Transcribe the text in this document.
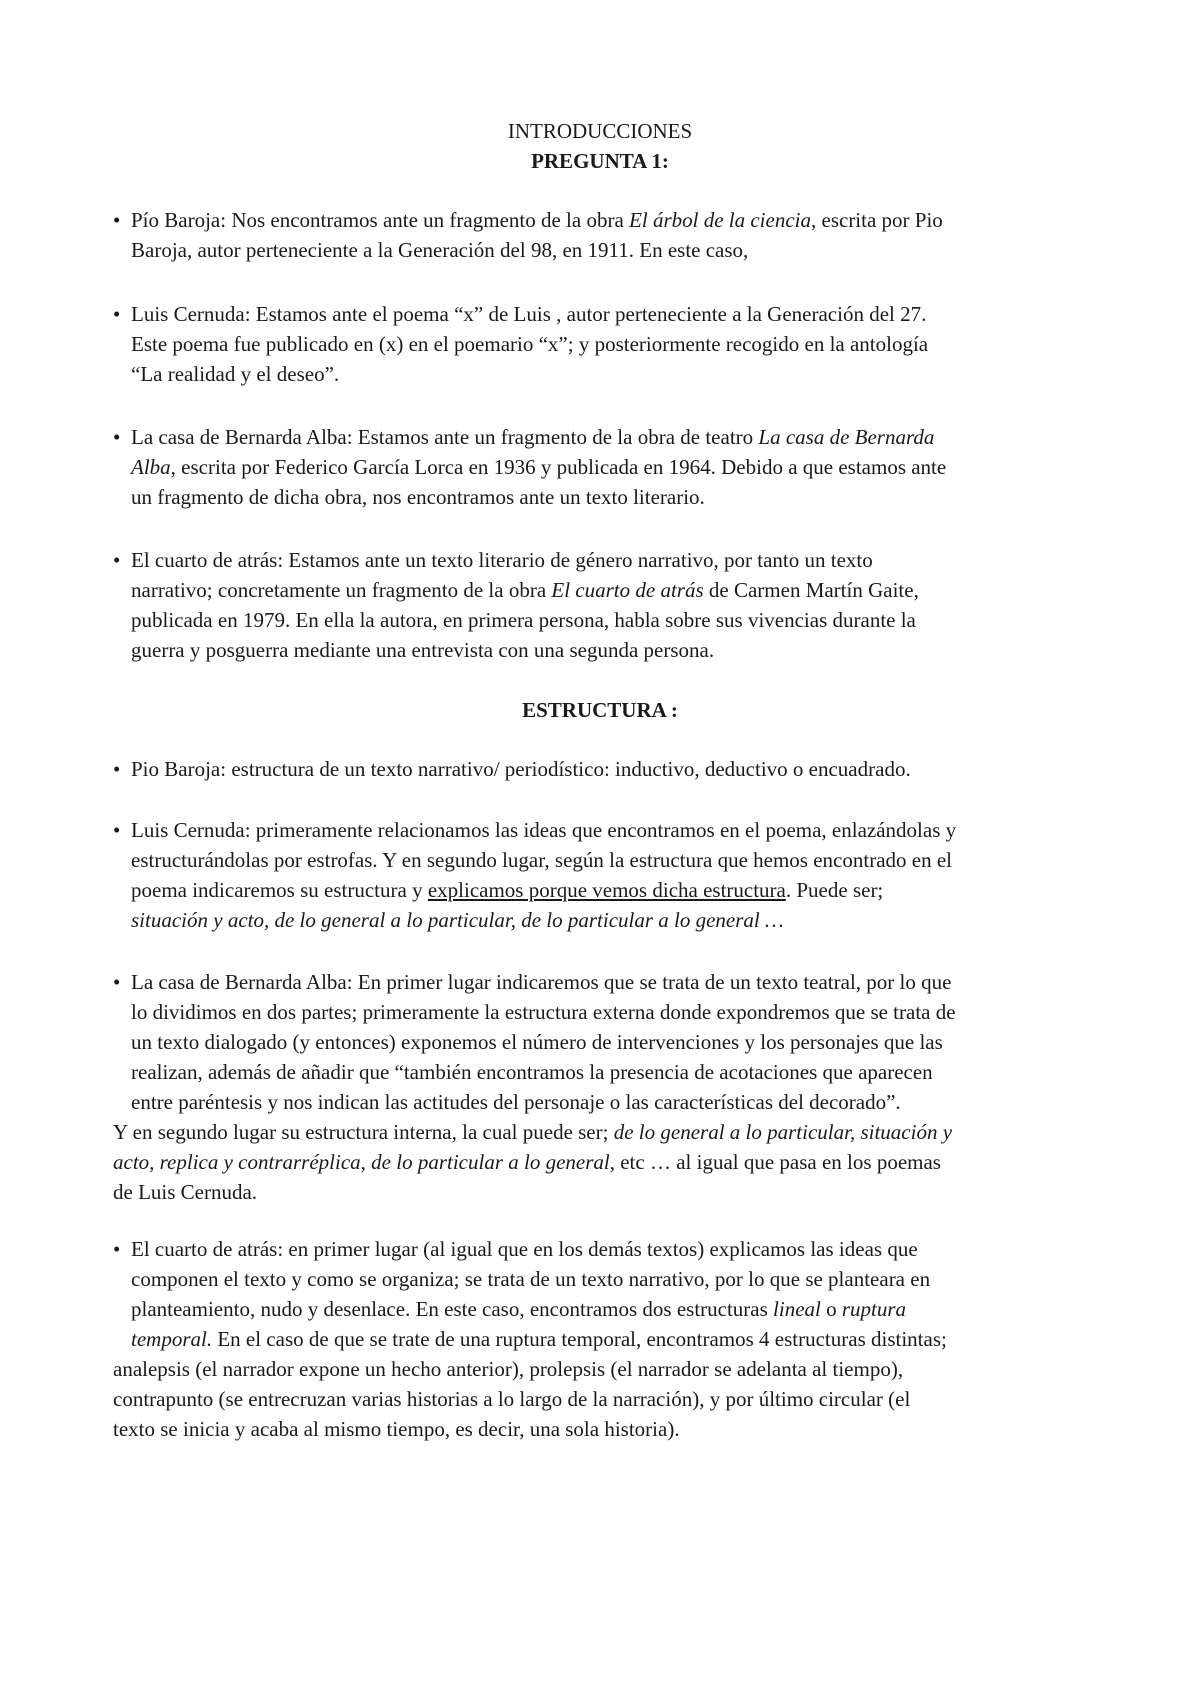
INTRODUCCIONES
PREGUNTA 1:
• Pío Baroja: Nos encontramos ante un fragmento de la obra El árbol de la ciencia, escrita por Pio
Baroja, autor perteneciente a la Generación del 98, en 1911. En este caso,
• Luis Cernuda: Estamos ante el poema “x” de Luis , autor perteneciente a la Generación del 27.
Este poema fue publicado en (x) en el poemario “x”; y posteriormente recogido en la antología
“La realidad y el deseo”.
• La casa de Bernarda Alba: Estamos ante un fragmento de la obra de teatro La casa de Bernarda
Alba, escrita por Federico García Lorca en 1936 y publicada en 1964. Debido a que estamos ante
un fragmento de dicha obra, nos encontramos ante un texto literario.
• El cuarto de atrás: Estamos ante un texto literario de género narrativo, por tanto un texto
narrativo; concretamente un fragmento de la obra El cuarto de atrás de Carmen Martín Gaite,
publicada en 1979. En ella la autora, en primera persona, habla sobre sus vivencias durante la
guerra y posguerra mediante una entrevista con una segunda persona.
ESTRUCTURA :
• Pio Baroja: estructura de un texto narrativo/ periodístico: inductivo, deductivo o encuadrado.
• Luis Cernuda: primeramente relacionamos las ideas que encontramos en el poema, enlazándolas y
estructurándolas por estrofas. Y en segundo lugar, según la estructura que hemos encontrado en el
poema indicaremos su estructura y explicamos porque vemos dicha estructura. Puede ser;
situación y acto, de lo general a lo particular, de lo particular a lo general …
• La casa de Bernarda Alba: En primer lugar indicaremos que se trata de un texto teatral, por lo que
lo dividimos en dos partes; primeramente la estructura externa donde expondremos que se trata de
un texto dialogado (y entonces) exponemos el número de intervenciones y los personajes que las
realizan, además de añadir que “también encontramos la presencia de acotaciones que aparecen
entre paréntesis y nos indican las actitudes del personaje o las características del decorado”.
Y en segundo lugar su estructura interna, la cual puede ser; de lo general a lo particular, situación y
acto, replica y contrarréplica, de lo particular a lo general, etc … al igual que pasa en los poemas
de Luis Cernuda.
• El cuarto de atrás: en primer lugar (al igual que en los demás textos) explicamos las ideas que
componen el texto y como se organiza; se trata de un texto narrativo, por lo que se planteara en
planteamiento, nudo y desenlace. En este caso, encontramos dos estructuras lineal o ruptura
temporal. En el caso de que se trate de una ruptura temporal, encontramos 4 estructuras distintas;
analepsis (el narrador expone un hecho anterior), prolepsis (el narrador se adelanta al tiempo),
contrapunto (se entrecruzan varias historias a lo largo de la narración), y por último circular (el
texto se inicia y acaba al mismo tiempo, es decir, una sola historia).
